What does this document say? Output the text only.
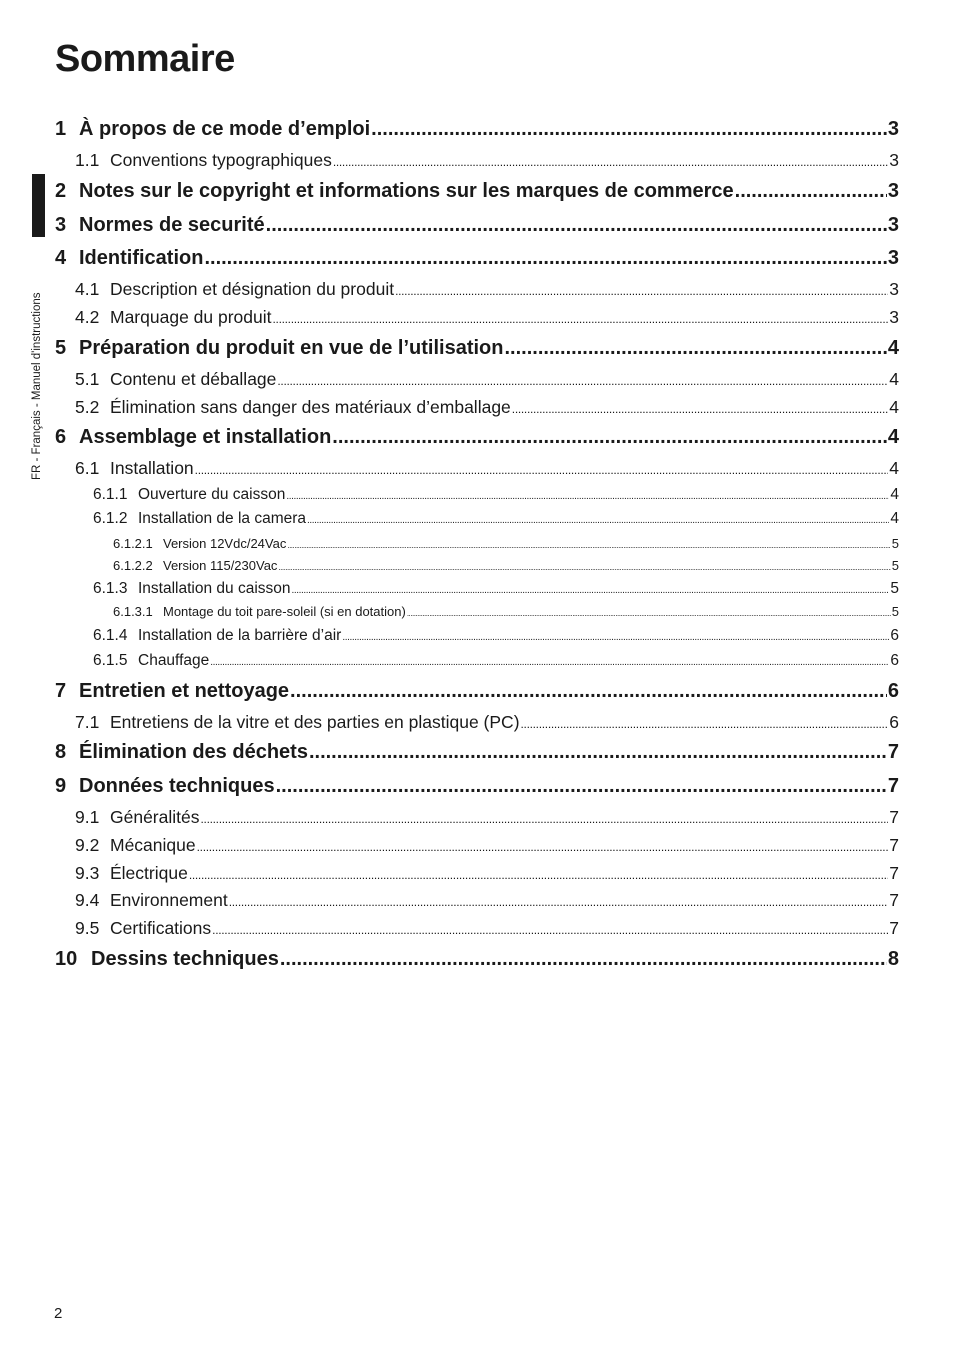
Sommaire
FR - Français - Manuel d'instructions
1 À propos de ce mode d’emploi .....	3
1.1 Conventions typographiques .....	3
2 Notes sur le copyright et informations sur les marques de commerce .....	3
3 Normes de securité .....	3
4 Identification .....	3
4.1 Description et désignation du produit .....	3
4.2 Marquage du produit .....	3
5 Préparation du produit en vue de l’utilisation .....	4
5.1 Contenu et déballage .....	4
5.2 Élimination sans danger des matériaux d’emballage .....	4
6 Assemblage et installation .....	4
6.1 Installation .....	4
6.1.1 Ouverture du caisson .....	4
6.1.2 Installation de la camera .....	4
6.1.2.1 Version 12Vdc/24Vac .....	5
6.1.2.2 Version 115/230Vac .....	5
6.1.3 Installation du caisson .....	5
6.1.3.1 Montage du toit pare-soleil (si en dotation) .....	5
6.1.4 Installation de la barrière d’air .....	6
6.1.5 Chauffage .....	6
7 Entretien et nettoyage .....	6
7.1 Entretiens de la vitre et des parties en plastique (PC) .....	6
8 Élimination des déchets .....	7
9 Données techniques .....	7
9.1 Généralités .....	7
9.2 Mécanique .....	7
9.3 Électrique .....	7
9.4 Environnement .....	7
9.5 Certifications .....	7
10 Dessins techniques .....	8
2
